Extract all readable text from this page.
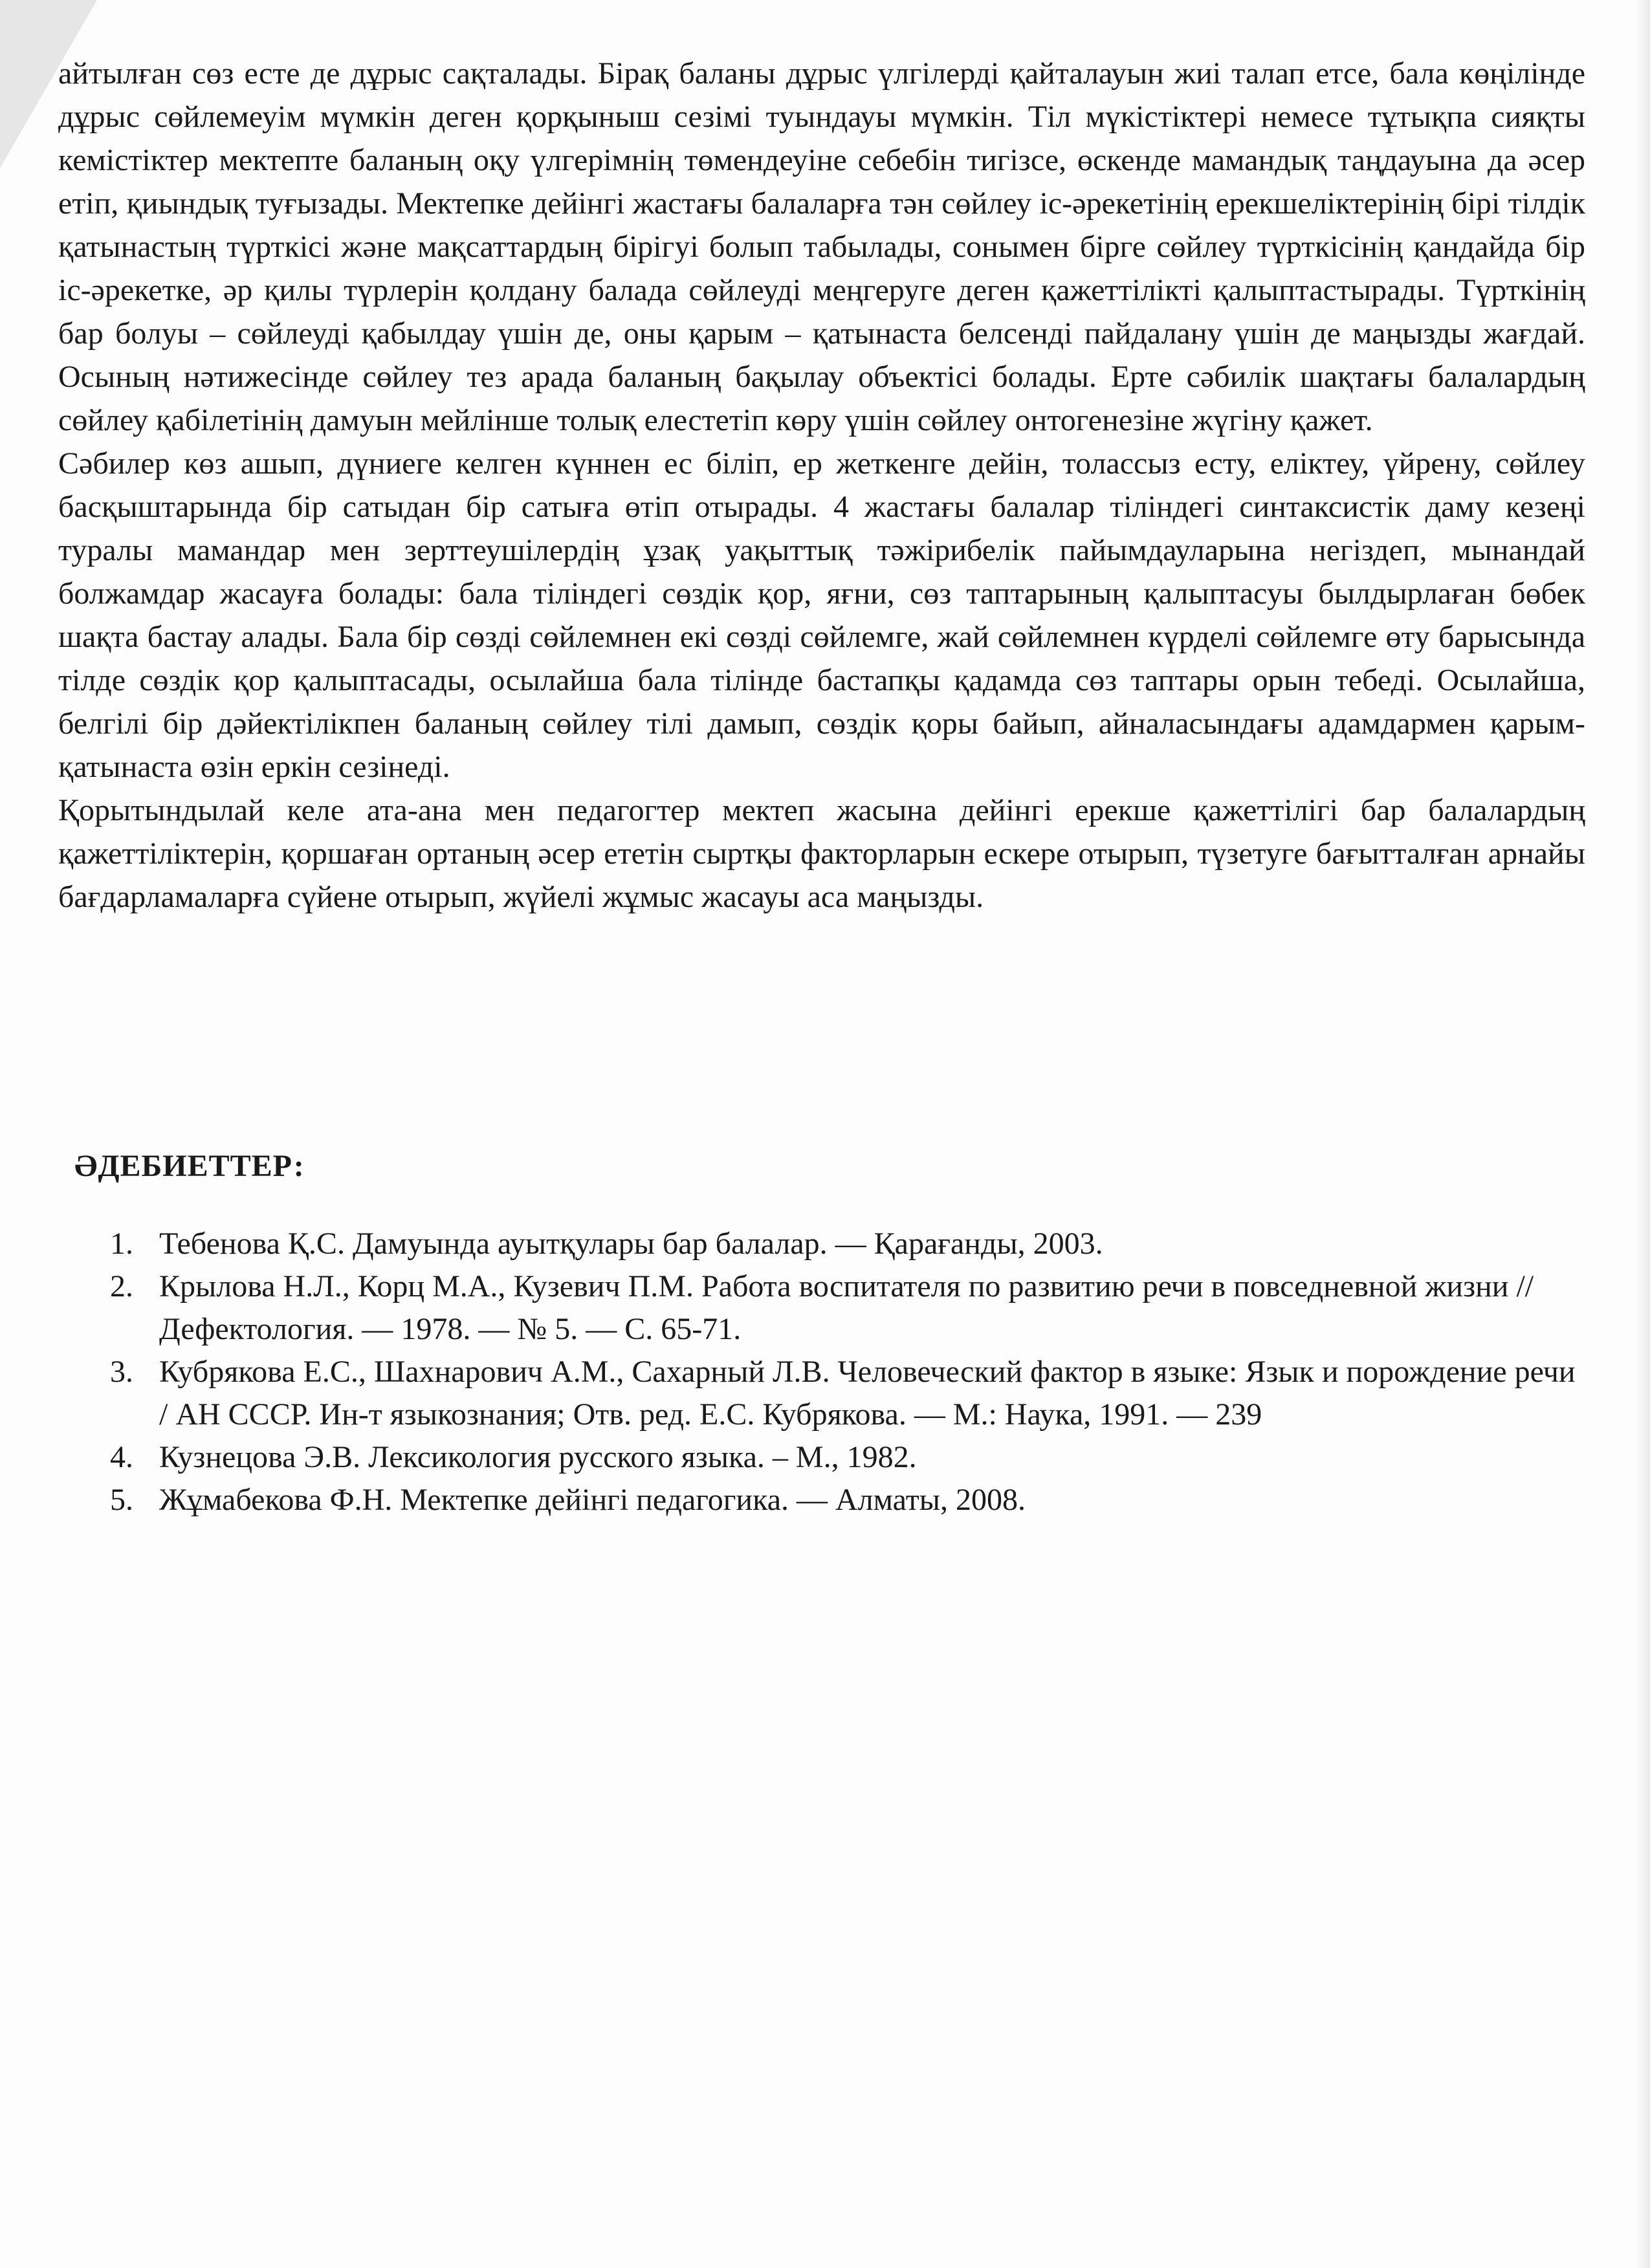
айтылған сөз есте де дұрыс сақталады. Бірақ баланы дұрыс үлгілерді қайталауын жиі талап етсе, бала көңілінде дұрыс сөйлемеуім мүмкін деген қорқыныш сезімі туындауы мүмкін. Тіл мүкістіктері немесе тұтықпа сияқты кемістіктер мектепте баланың оқу үлгерімнің төмендеуіне себебін тигізсе, өскенде мамандық таңдауына да әсер етіп, қиындық туғызады. Мектепке дейінгі жастағы балаларға тән сөйлеу іс-әрекетінің ерекшеліктерінің бірі тілдік қатынастың түрткісі және мақсаттардың бірігуі болып табылады, сонымен бірге сөйлеу түрткісінің қандайда бір іс-әрекетке, әр қилы түрлерін қолдану балада сөйлеуді меңгеруге деген қажеттілікті қалыптастырады. Түрткінің бар болуы – сөйлеуді қабылдау үшін де, оны қарым – қатынаста белсенді пайдалану үшін де маңызды жағдай. Осының нәтижесінде сөйлеу тез арада баланың бақылау объектісі болады. Ерте сәбилік шақтағы балалардың сөйлеу қабілетінің дамуын мейлінше толық елестетіп көру үшін сөйлеу онтогенезіне жүгіну қажет.

Сәбилер көз ашып, дүниеге келген күннен ес біліп, ер жеткенге дейін, толассыз есту, еліктеу, үйрену, сөйлеу басқыштарында бір сатыдан бір сатыға өтіп отырады. 4 жастағы балалар тіліндегі синтаксистік даму кезеңі туралы мамандар мен зерттеушілердің ұзақ уақыттық тәжірибелік пайымдауларына негіздеп, мынандай болжамдар жасауға болады: бала тіліндегі сөздік қор, яғни, сөз таптарының қалыптасуы былдырлаған бөбек шақта бастау алады. Бала бір сөзді сөйлемнен екі сөзді сөйлемге, жай сөйлемнен күрделі сөйлемге өту барысында тілде сөздік қор қалыптасады, осылайша бала тілінде бастапқы қадамда сөз таптары орын тебеді. Осылайша, белгілі бір дәйектілікпен баланың сөйлеу тілі дамып, сөздік қоры байып, айналасындағы адамдармен қарым-қатынаста өзін еркін сезінеді.

Қорытындылай келе ата-ана мен педагогтер мектеп жасына дейінгі ерекше қажеттілігі бар балалардың қажеттіліктерін, қоршаған ортаның әсер ететін сыртқы факторларын ескере отырып, түзетуге бағытталған арнайы бағдарламаларға сүйене отырып, жүйелі жұмыс жасауы аса маңызды.

ӘДЕБИЕТТЕР:
1. Тебенова Қ.С. Дамуында ауытқулары бар балалар. — Қарағанды, 2003.
2. Крылова Н.Л., Корц М.А., Кузевич П.М. Работа воспитателя по развитию речи в повседневной жизни // Дефектология. — 1978. — № 5. — С. 65-71.
3. Кубрякова Е.С., Шахнарович А.М., Сахарный Л.В. Человеческий фактор в языке: Язык и порождение речи / АН СССР. Ин-т языкознания; Отв. ред. Е.С. Кубрякова. — М.: Наука, 1991. — 239
4. Кузнецова Э.В. Лексикология русского языка. – М., 1982.
5. Жұмабекова Ф.Н. Мектепке дейінгі педагогика. — Алматы, 2008.
